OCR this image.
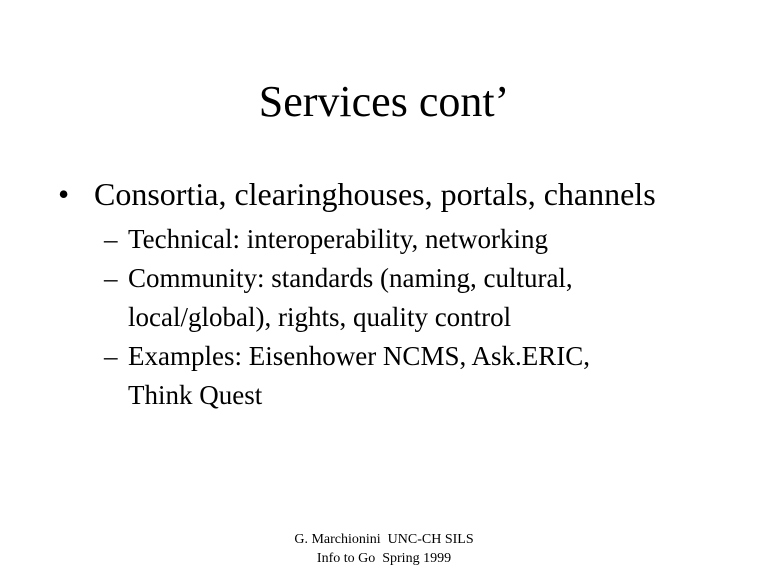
Services cont’
• Consortia, clearinghouses, portals, channels
– Technical: interoperability, networking
– Community: standards (naming, cultural,
local/global), rights, quality control
– Examples: Eisenhower NCMS, Ask.ERIC,
Think Quest
G. Marchionini  UNC-CH SILS
Info to Go  Spring 1999
